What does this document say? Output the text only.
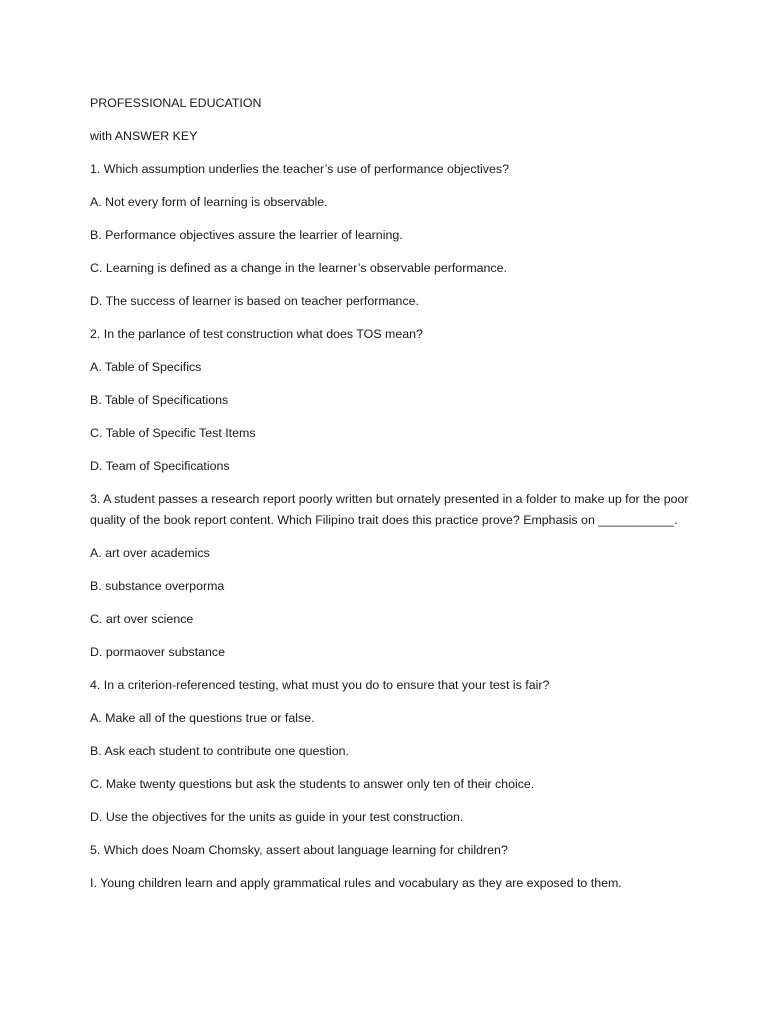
PROFESSIONAL EDUCATION

with ANSWER KEY

1. Which assumption underlies the teacher’s use of performance objectives?

A. Not every form of learning is observable.

B. Performance objectives assure the learrier of learning.

C. Learning is defined as a change in the learner’s observable performance.

D. The success of learner is based on teacher performance.

2. In the parlance of test construction what does TOS mean?

A. Table of Specifics

B. Table of Specifications

C. Table of Specific Test Items

D. Team of Specifications

3. A student passes a research report poorly written but ornately presented in a folder to make up for the poor quality of the book report content. Which Filipino trait does this practice prove? Emphasis on ___________.

A. art over academics

B. substance overporma

C. art over science

D. pormaover substance

4. In a criterion-referenced testing, what must you do to ensure that your test is fair?

A. Make all of the questions true or false.

B. Ask each student to contribute one question.

C. Make twenty questions but ask the students to answer only ten of their choice.

D. Use the objectives for the units as guide in your test construction.

5. Which does Noam Chomsky, assert about language learning for children?

I. Young children learn and apply grammatical rules and vocabulary as they are exposed to them.
